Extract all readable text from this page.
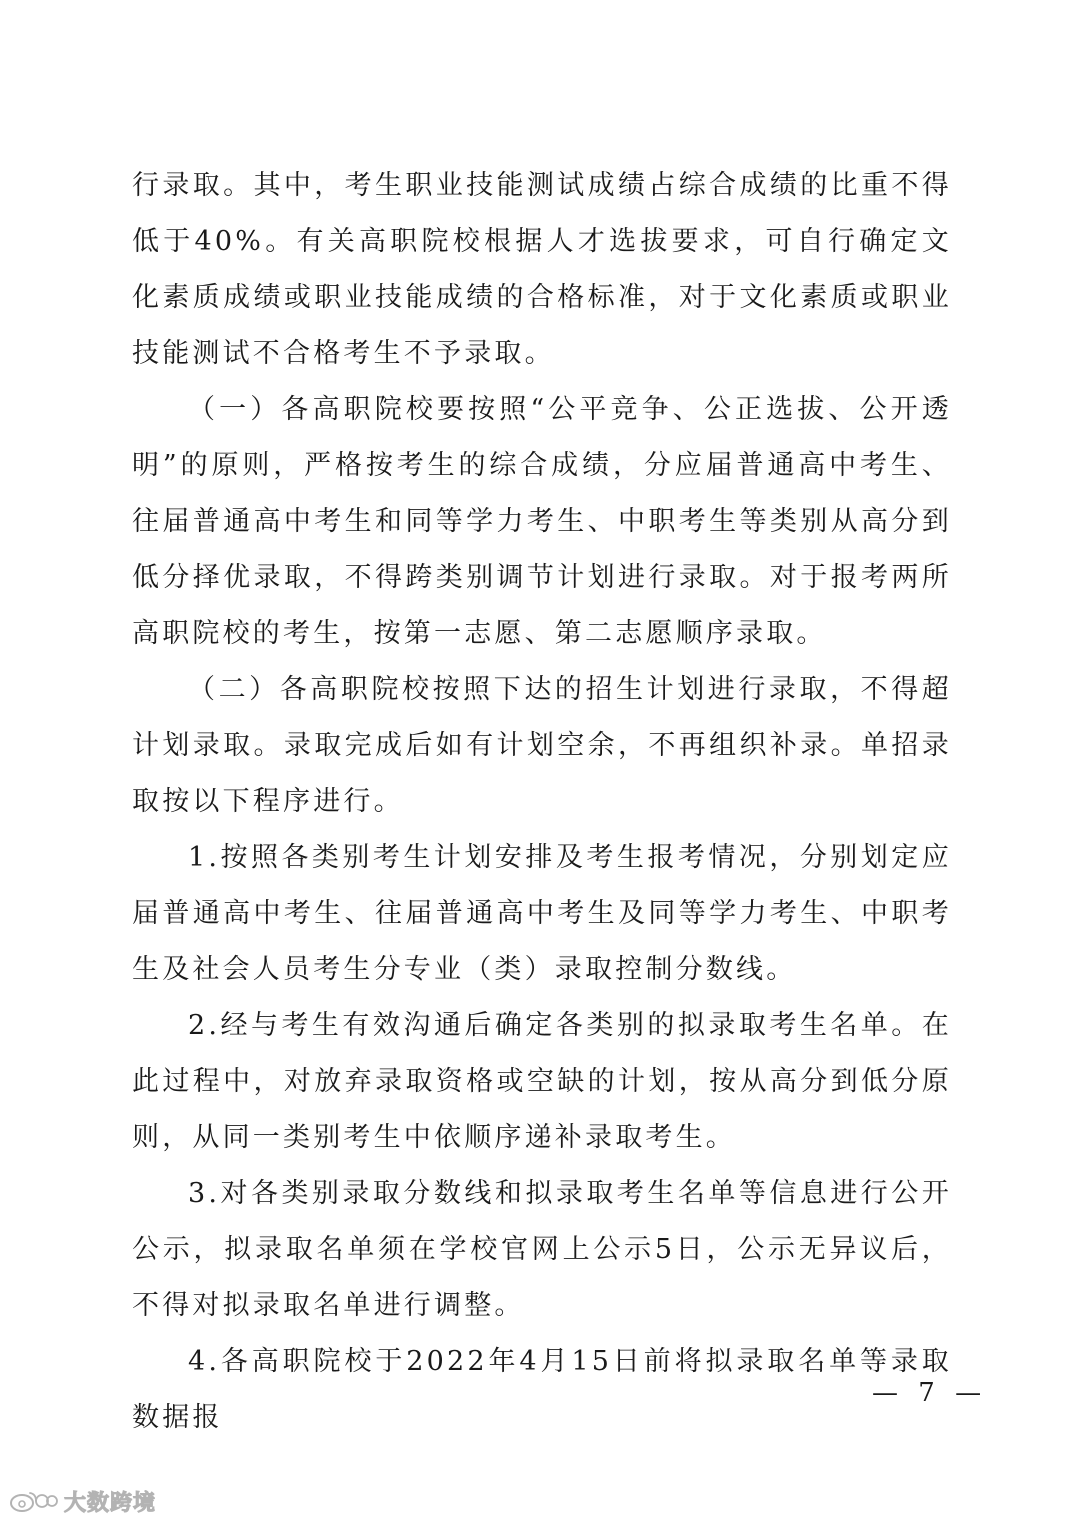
行录取。其中，考生职业技能测试成绩占综合成绩的比重不得低于40%。有关高职院校根据人才选拔要求，可自行确定文化素质成绩或职业技能成绩的合格标准，对于文化素质或职业技能测试不合格考生不予录取。

（一）各高职院校要按照“公平竞争、公正选拔、公开透明”的原则，严格按考生的综合成绩，分应届普通高中考生、往届普通高中考生和同等学力考生、中职考生等类别从高分到低分择优录取，不得跨类别调节计划进行录取。对于报考两所高职院校的考生，按第一志愿、第二志愿顺序录取。

（二）各高职院校按照下达的招生计划进行录取，不得超计划录取。录取完成后如有计划空余，不再组织补录。单招录取按以下程序进行。

1.按照各类别考生计划安排及考生报考情况，分别划定应届普通高中考生、往届普通高中考生及同等学力考生、中职考生及社会人员考生分专业（类）录取控制分数线。

2.经与考生有效沟通后确定各类别的拟录取考生名单。在此过程中，对放弃录取资格或空缺的计划，按从高分到低分原则，从同一类别考生中依顺序递补录取考生。

3.对各类别录取分数线和拟录取考生名单等信息进行公开公示，拟录取名单须在学校官网上公示5日，公示无异议后，不得对拟录取名单进行调整。

4.各高职院校于2022年4月15日前将拟录取名单等录取数据报

— 7 —
大数跨境
